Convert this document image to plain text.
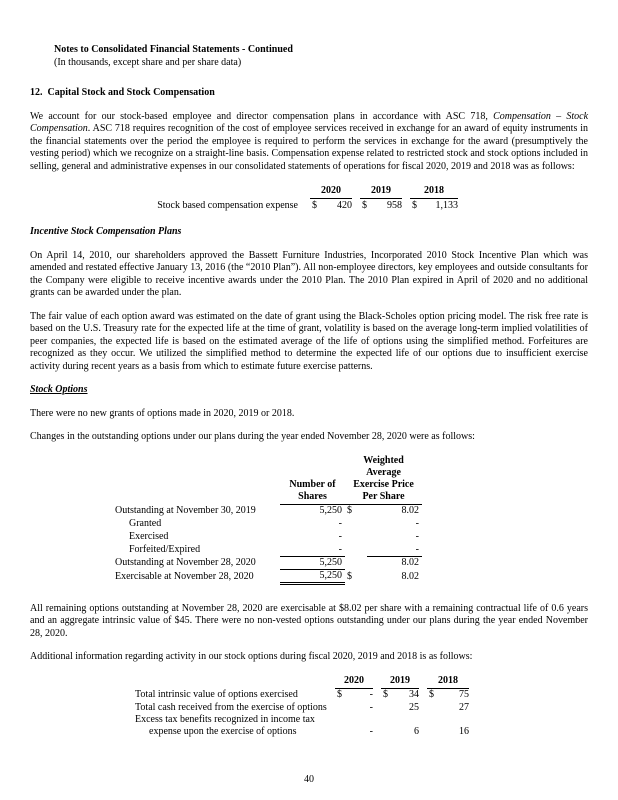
Notes to Consolidated Financial Statements - Continued
(In thousands, except share and per share data)
12.  Capital Stock and Stock Compensation

We account for our stock-based employee and director compensation plans in accordance with ASC 718, Compensation – Stock Compensation. ASC 718 requires recognition of the cost of employee services received in exchange for an award of equity instruments in the financial statements over the period the employee is required to perform the services in exchange for the award (presumptively the vesting period) which we recognize on a straight-line basis. Compensation expense related to restricted stock and stock options included in selling, general and administrative expenses in our consolidated statements of operations for fiscal 2020, 2019 and 2018 was as follows:

	2020			2019			2018	
Stock based compensation expense	$	420		$	958		$	1,133
Incentive Stock Compensation Plans

On April 14, 2010, our shareholders approved the Bassett Furniture Industries, Incorporated 2010 Stock Incentive Plan which was amended and restated effective January 13, 2016 (the “2010 Plan”). All non-employee directors, key employees and outside consultants for the Company were eligible to receive incentive awards under the 2010 Plan. The 2010 Plan expired in April of 2020 and no additional grants can be awarded under the plan.

The fair value of each option award was estimated on the date of grant using the Black-Scholes option pricing model. The risk free rate is based on the U.S. Treasury rate for the expected life at the time of grant, volatility is based on the average long-term implied volatilities of peer companies, the expected life is based on the estimated average of the life of options using the simplified method. Forfeitures are recognized as they occur. We utilized the simplified method to determine the expected life of our options due to insufficient exercise activity during recent years as a basis from which to estimate future exercise patterns.

Stock Options

There were no new grants of options made in 2020, 2019 or 2018.

Changes in the outstanding options under our plans during the year ended November 28, 2020 were as follows:

Number of
Shares

Weighted
Average
Exercise Price
Per Share

Outstanding at November 30, 2019	5,250	$	8.02
Granted	-		-
Exercised	-		-
Forfeited/Expired	-		-
Outstanding at November 28, 2020	5,250		8.02
Exercisable at November 28, 2020	5,250	$	8.02

All remaining options outstanding at November 28, 2020 are exercisable at $8.02 per share with a remaining contractual life of 0.6 years and an aggregate intrinsic value of $45. There were no non-vested options outstanding under our plans during the year ended November 28, 2020.

Additional information regarding activity in our stock options during fiscal 2020, 2019 and 2018 is as follows:

	2020			2019			2018	
Total intrinsic value of options exercised	$	-		$	34		$	75
Total cash received from the exercise of options		-			25			27

Excess tax benefits recognized in income tax
expense upon the exercise of options		-			6			16
40
